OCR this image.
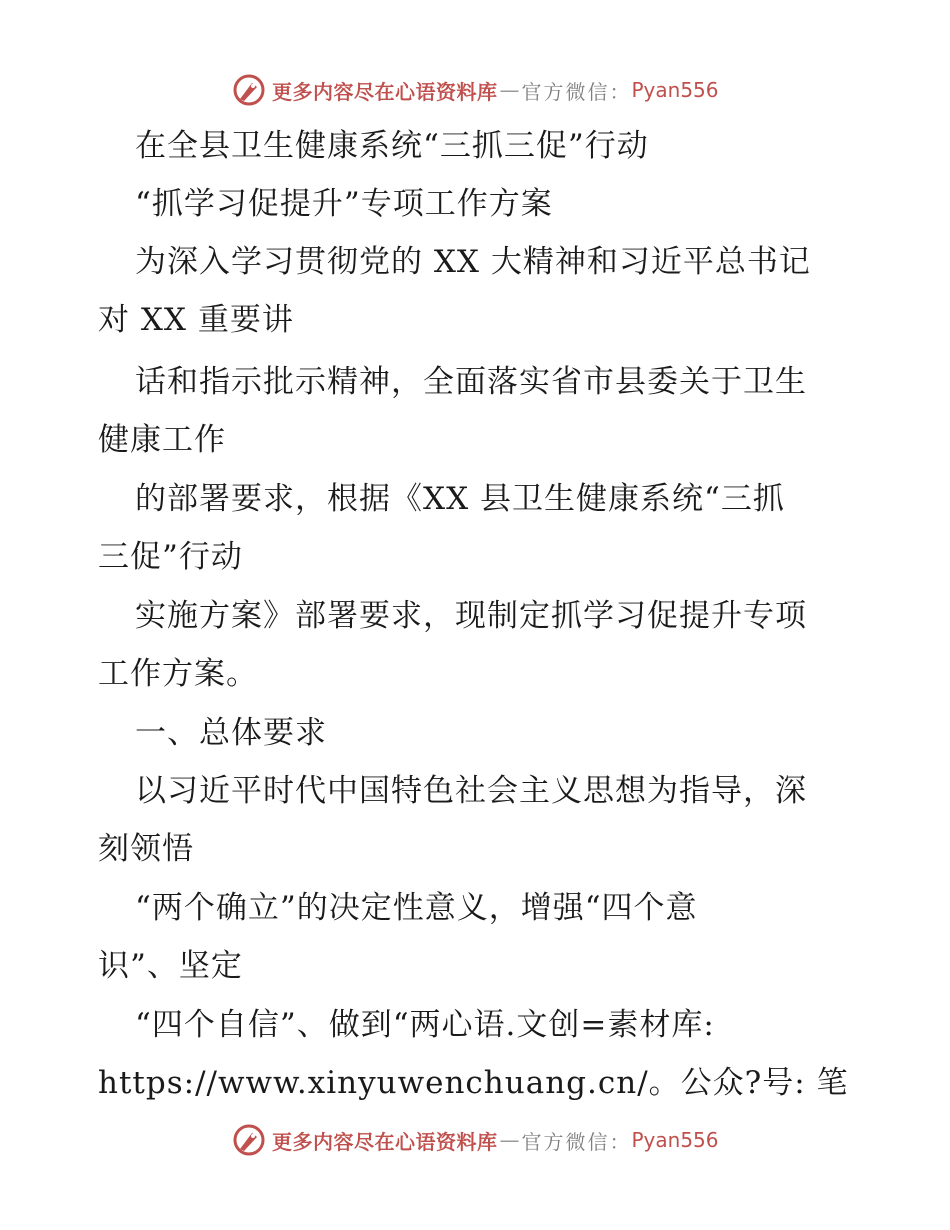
更多内容尽在心语资料库 — 官方微信： Pyan556
在全县卫生健康系统“三抓三促”行动
“抓学习促提升”专项工作方案
为深入学习贯彻党的 XX 大精神和习近平总书记
对 XX 重要讲
话和指示批示精神，全面落实省市县委关于卫生
健康工作
的部署要求，根据《XX 县卫生健康系统“三抓
三促”行动
实施方案》部署要求，现制定抓学习促提升专项
工作方案。
一、总体要求
以习近平时代中国特色社会主义思想为指导，深
刻领悟
“两个确立”的决定性意义，增强“四个意
识”、坚定
“四个自信”、做到“两心语.文创=素材库:
https://www.xinyuwenchuang.cn/。公众?号: 笔
更多内容尽在心语资料库 — 官方微信： Pyan556
